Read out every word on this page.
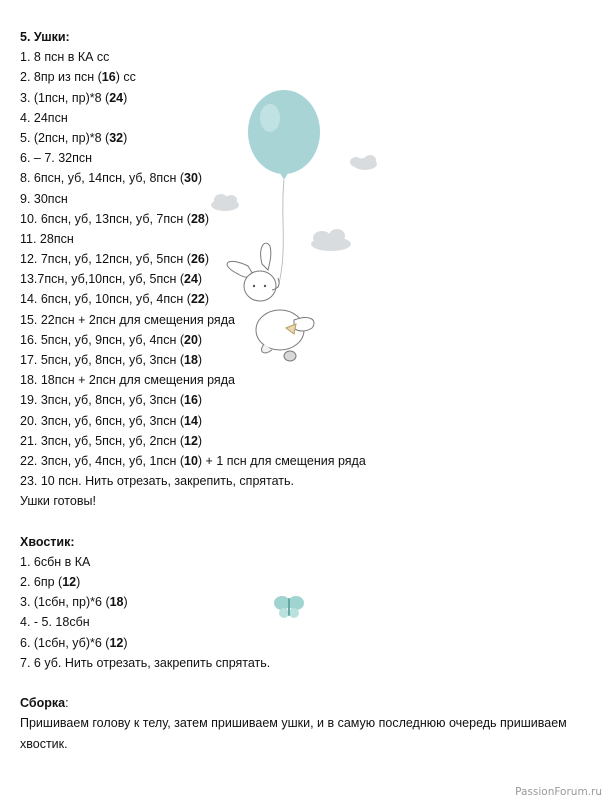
5. Ушки:
1. 8 псн в КА сс
2. 8пр из псн (16) сс
3. (1псн, пр)*8 (24)
4. 24псн
5. (2псн, пр)*8 (32)
6. – 7. 32псн
8. 6псн, уб, 14псн, уб, 8псн (30)
9. 30псн
10. 6псн, уб, 13псн, уб, 7псн (28)
11. 28псн
12. 7псн, уб, 12псн, уб, 5псн (26)
13.7псн, уб,10псн, уб, 5псн (24)
14. 6псн, уб, 10псн, уб, 4псн (22)
15. 22псн + 2псн для смещения ряда
16. 5псн, уб, 9псн, уб, 4псн (20)
17. 5псн, уб, 8псн, уб, 3псн (18)
18. 18псн + 2псн для смещения ряда
19. 3псн, уб, 8псн, уб, 3псн (16)
20. 3псн, уб, 6псн, уб, 3псн (14)
21. 3псн, уб, 5псн, уб, 2псн (12)
22. 3псн, уб, 4псн, уб, 1псн (10) + 1 псн для смещения ряда
23. 10 псн. Нить отрезать, закрепить, спрятать.
Ушки готовы!
Хвостик:
1. 6сбн в КА
2. 6пр (12)
3. (1сбн, пр)*6 (18)
4. - 5. 18сбн
6. (1сбн, уб)*6 (12)
7. 6 уб. Нить отрезать, закрепить спрятать.
Сборка:
Пришиваем голову к телу, затем пришиваем ушки, и в самую последнюю очередь пришиваем хвостик.
PassionForum.ru
